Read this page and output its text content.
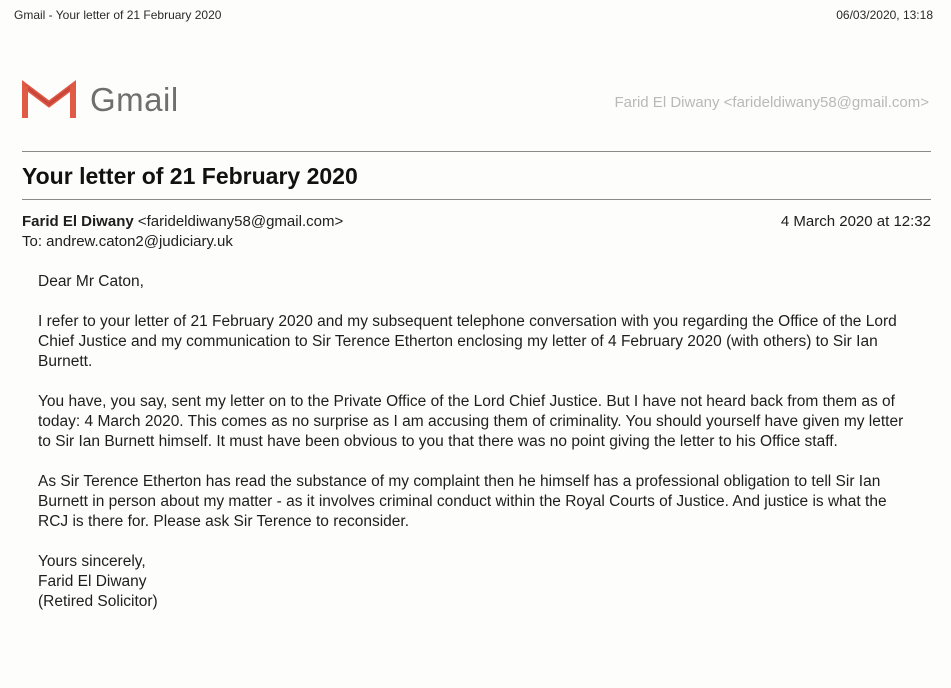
Gmail - Your letter of 21 February 2020	06/03/2020, 13:18
Gmail	Farid El Diwany <farideldiwany58@gmail.com>
Your letter of 21 February 2020
Farid El Diwany <farideldiwany58@gmail.com>	4 March 2020 at 12:32
To: andrew.caton2@judiciary.uk

Dear Mr Caton,

I refer to your letter of 21 February 2020 and my subsequent telephone conversation with you regarding the Office of the Lord Chief Justice and my communication to Sir Terence Etherton enclosing my letter of 4 February 2020 (with others) to Sir Ian Burnett.

You have, you say, sent my letter on to the Private Office of the Lord Chief Justice. But I have not heard back from them as of today: 4 March 2020. This comes as no surprise as I am accusing them of criminality. You should yourself have given my letter to Sir Ian Burnett himself. It must have been obvious to you that there was no point giving the letter to his Office staff.

As Sir Terence Etherton has read the substance of my complaint then he himself has a professional obligation to tell Sir Ian Burnett in person about my matter - as it involves criminal conduct within the Royal Courts of Justice. And justice is what the RCJ is there for. Please ask Sir Terence to reconsider.

Yours sincerely,
Farid El Diwany
(Retired Solicitor)
